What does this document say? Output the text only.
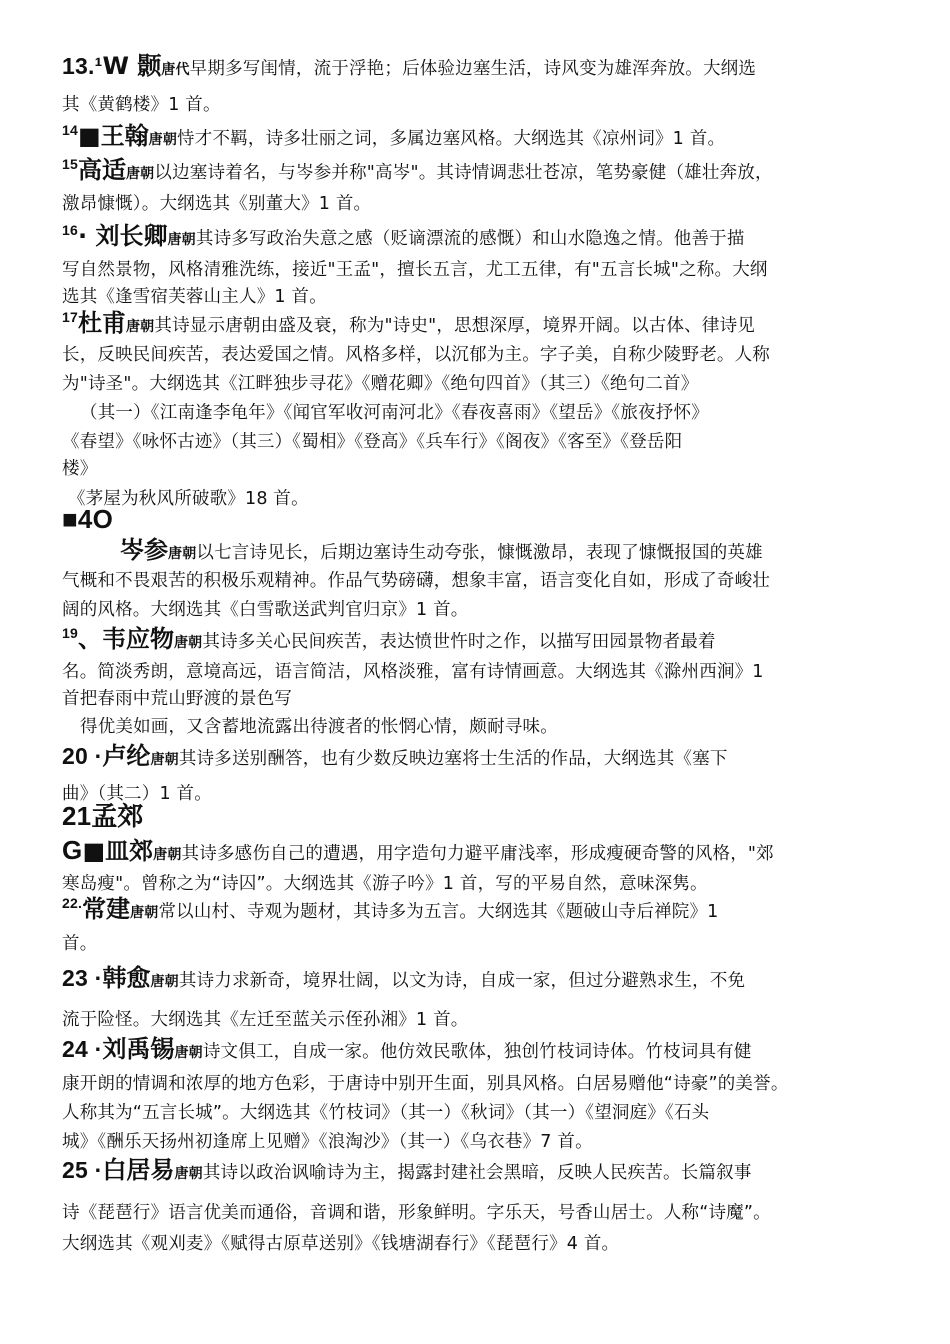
13.¹W 颢唐代早期多写闺情，流于浮艳；后体验边塞生活，诗风变为雄浑奔放。大纲选
其《黄鹤楼》1 首。
$^{14}$■王翰唐朝恃才不羁，诗多壮丽之词，多属边塞风格。大纲选其《凉州词》1 首。
$^{15}$高适唐朝以边塞诗着名，与岑参并称"高岑"。其诗情调悲壮苍凉，笔势豪健（雄壮奔放，
激昂慷慨）。大纲选其《别董大》1 首。
$^{16}$· 刘长卿唐朝其诗多写政治失意之感（贬谪漂流的感慨）和山水隐逸之情。他善于描
写自然景物，风格清雅洗练，接近"王孟"，擅长五言，尤工五律，有"五言长城"之称。大纲
选其《逢雪宿芙蓉山主人》1 首。
$^{17}$杜甫唐朝其诗显示唐朝由盛及衰，称为"诗史"，思想深厚，境界开阔。以古体、律诗见
长，反映民间疾苦，表达爱国之情。风格多样，以沉郁为主。字子美，自称少陵野老。人称
为"诗圣"。大纲选其《江畔独步寻花》《赠花卿》《绝句四首》（其三）《绝句二首》
（其一）《江南逢李龟年》《闻官军收河南河北》《春夜喜雨》《望岳》《旅夜抒怀》
《春望》《咏怀古迹》（其三）《蜀相》《登高》《兵车行》《阁夜》《客至》《登岳阳
楼》
《茅屋为秋风所破歌》18 首。
■4O
岑参唐朝以七言诗见长，后期边塞诗生动夸张，慷慨激昂，表现了慷慨报国的英雄
气概和不畏艰苦的积极乐观精神。作品气势磅礴，想象丰富，语言变化自如，形成了奇峻壮
阔的风格。大纲选其《白雪歌送武判官归京》1 首。
$^{19}$、韦应物唐朝其诗多关心民间疾苦，表达愤世忤时之作，以描写田园景物者最着
名。简淡秀朗，意境高远，语言简洁，风格淡雅，富有诗情画意。大纲选其《滁州西涧》1
首把春雨中荒山野渡的景色写
得优美如画，又含蓄地流露出待渡者的怅惘心情，颇耐寻味。
20 ·卢纶唐朝其诗多送别酬答，也有少数反映边塞将士生活的作品，大纲选其《塞下
曲》（其二）1 首。
21孟郊
G■皿郊唐朝其诗多感伤自己的遭遇，用字造句力避平庸浅率，形成瘦硬奇警的风格，"郊
寒岛瘦"。曾称之为“诗囚”。大纲选其《游子吟》1 首，写的平易自然，意味深隽。
$^{22.}$常建唐朝常以山村、寺观为题材，其诗多为五言。大纲选其《题破山寺后禅院》1
首。
23 ·韩愈唐朝其诗力求新奇，境界壮阔，以文为诗，自成一家，但过分避熟求生，不免
流于险怪。大纲选其《左迁至蓝关示侄孙湘》1 首。
24 ·刘禹锡唐朝诗文俱工，自成一家。他仿效民歌体，独创竹枝词诗体。竹枝词具有健
康开朗的情调和浓厚的地方色彩，于唐诗中别开生面，别具风格。白居易赠他“诗豪”的美誉。
人称其为“五言长城”。大纲选其《竹枝词》（其一）《秋词》（其一）《望洞庭》《石头
城》《酬乐天扬州初逢席上见赠》《浪淘沙》（其一）《乌衣巷》7 首。
25 ·白居易唐朝其诗以政治讽喻诗为主，揭露封建社会黑暗，反映人民疾苦。长篇叙事
诗《琵琶行》语言优美而通俗，音调和谐，形象鲜明。字乐天，号香山居士。人称“诗魔”。
大纲选其《观刈麦》《赋得古原草送别》《钱塘湖春行》《琵琶行》4 首。
